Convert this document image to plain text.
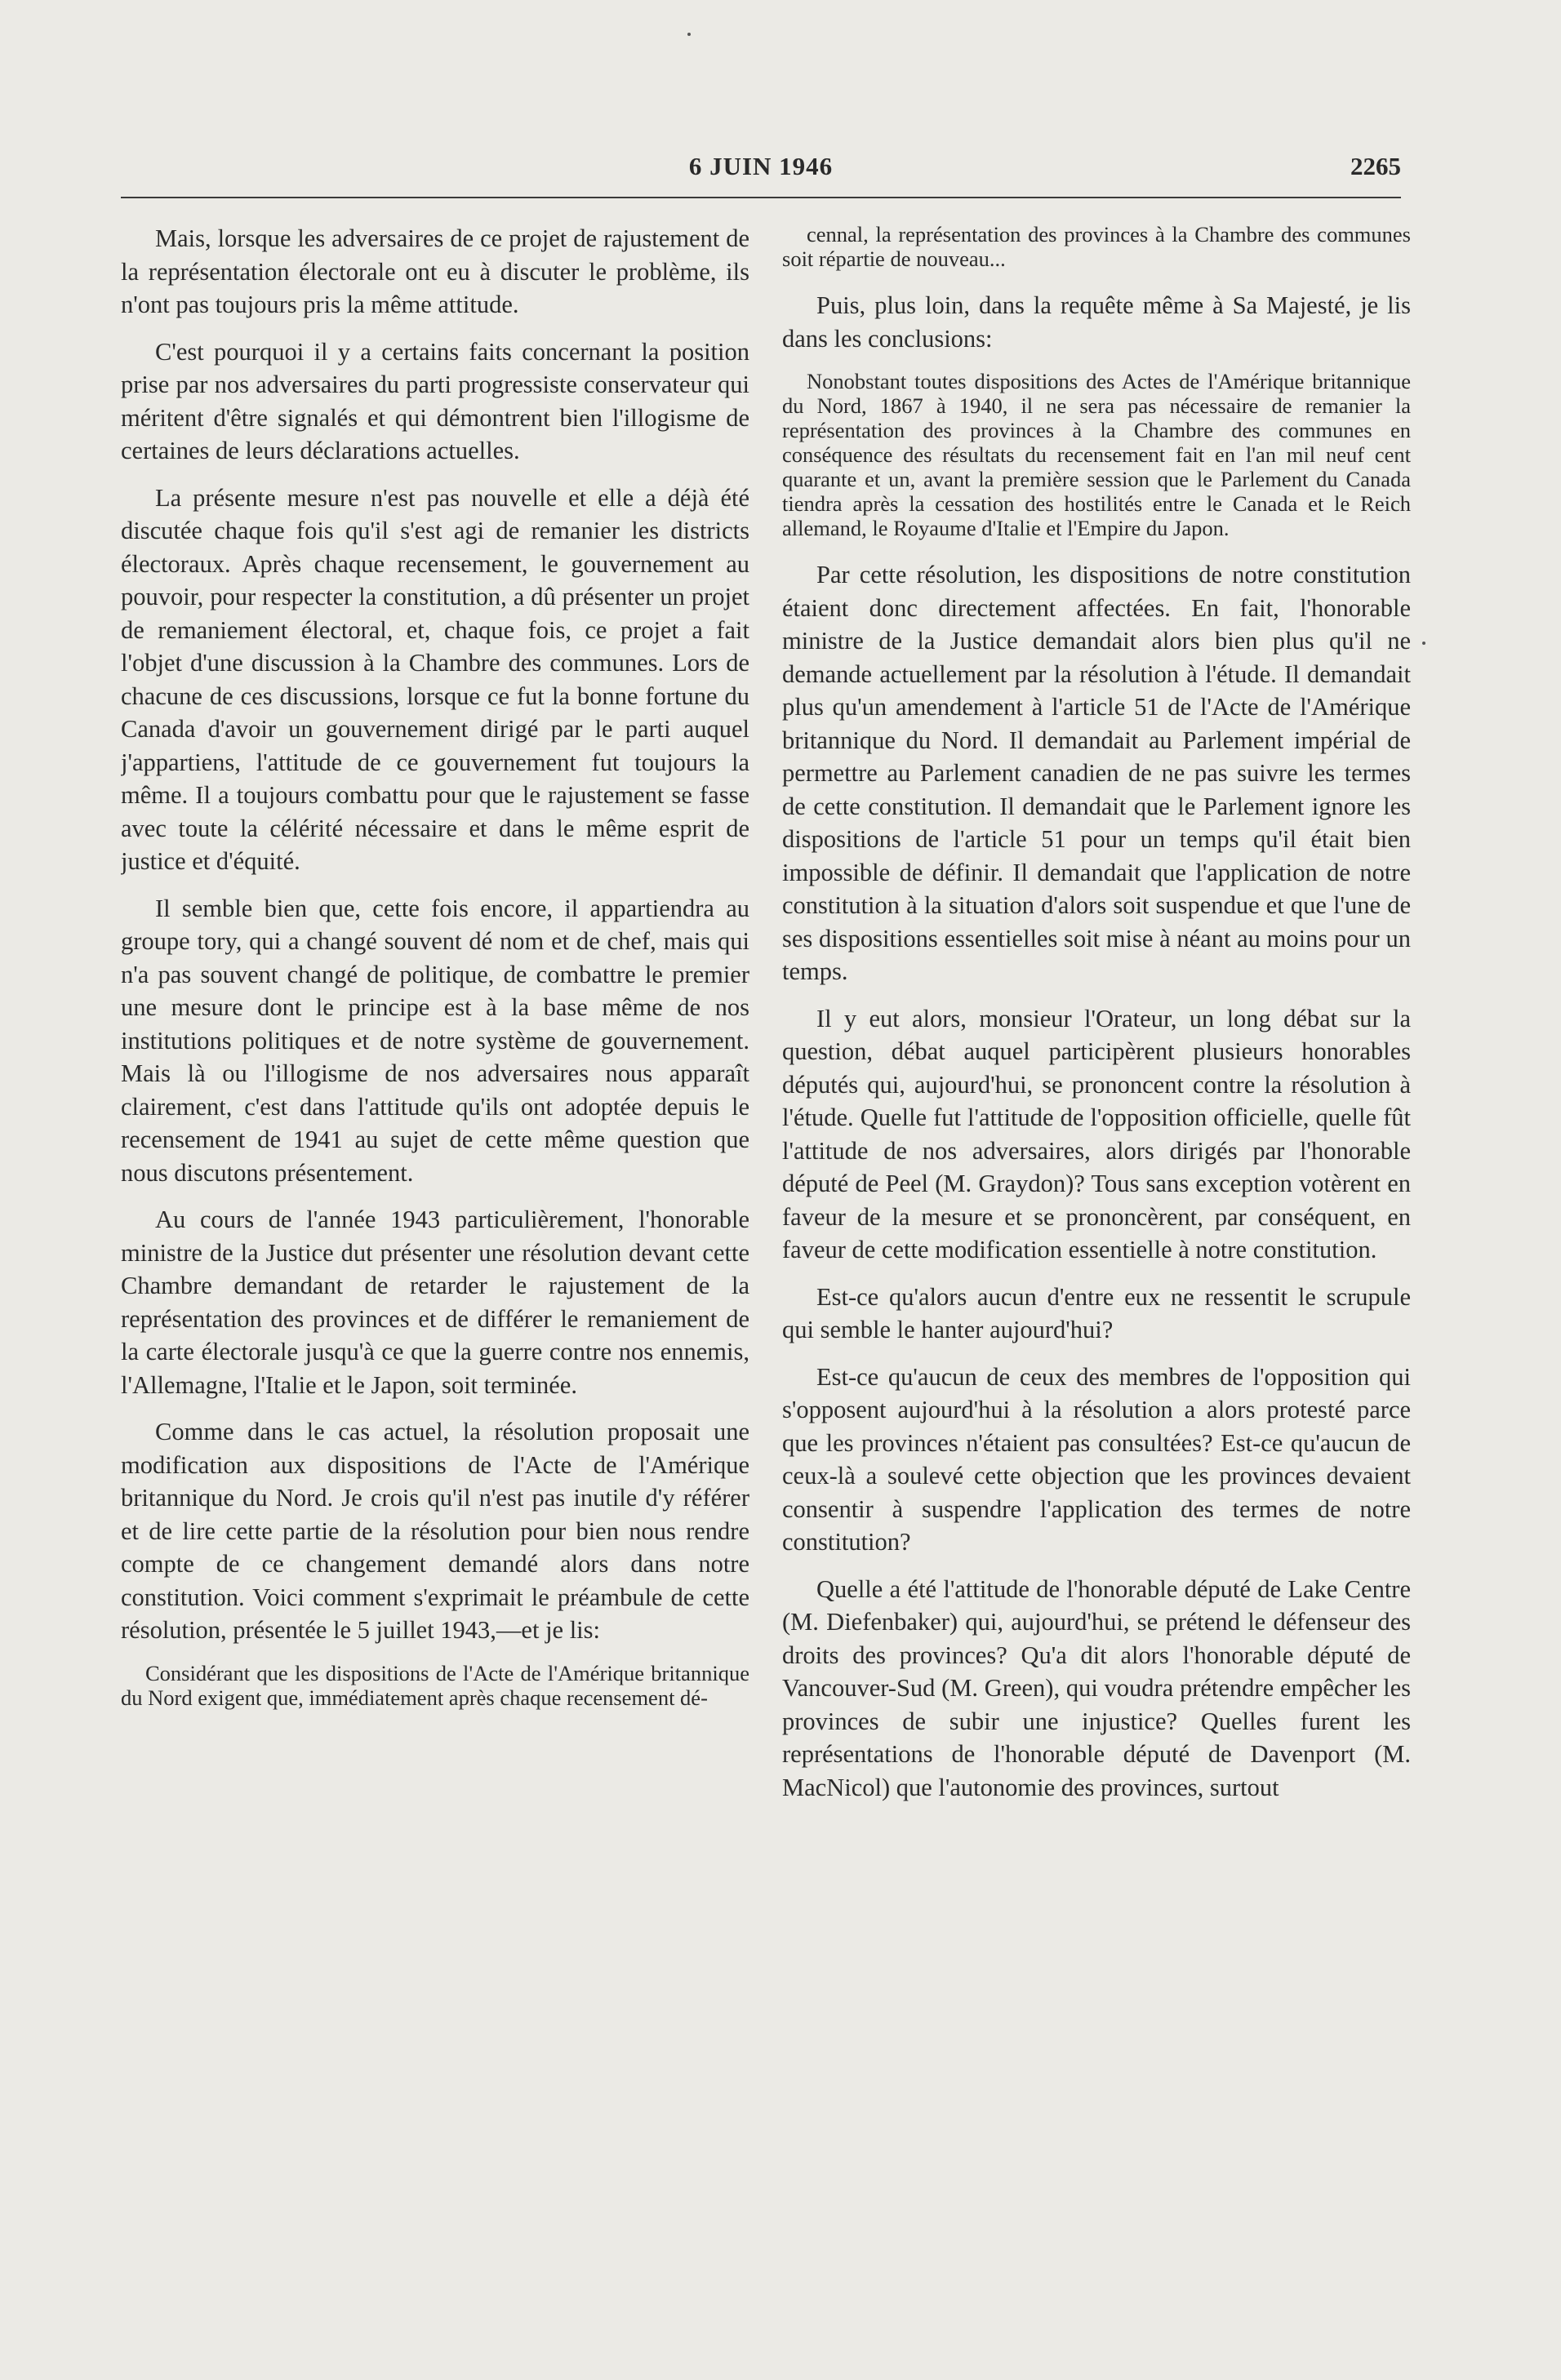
6 JUIN 1946	2265

Mais, lorsque les adversaires de ce projet de rajustement de la représentation électorale ont eu à discuter le problème, ils n'ont pas toujours pris la même attitude.

C'est pourquoi il y a certains faits concernant la position prise par nos adversaires du parti progressiste conservateur qui méritent d'être signalés et qui démontrent bien l'illogisme de certaines de leurs déclarations actuelles.

La présente mesure n'est pas nouvelle et elle a déjà été discutée chaque fois qu'il s'est agi de remanier les districts électoraux. Après chaque recensement, le gouvernement au pouvoir, pour respecter la constitution, a dû présenter un projet de remaniement électoral, et, chaque fois, ce projet a fait l'objet d'une discussion à la Chambre des communes. Lors de chacune de ces discussions, lorsque ce fut la bonne fortune du Canada d'avoir un gouvernement dirigé par le parti auquel j'appartiens, l'attitude de ce gouvernement fut toujours la même. Il a toujours combattu pour que le rajustement se fasse avec toute la célérité nécessaire et dans le même esprit de justice et d'équité.

Il semble bien que, cette fois encore, il appartiendra au groupe tory, qui a changé souvent dé nom et de chef, mais qui n'a pas souvent changé de politique, de combattre le premier une mesure dont le principe est à la base même de nos institutions politiques et de notre système de gouvernement. Mais là ou l'illogisme de nos adversaires nous apparaît clairement, c'est dans l'attitude qu'ils ont adoptée depuis le recensement de 1941 au sujet de cette même question que nous discutons présentement.

Au cours de l'année 1943 particulièrement, l'honorable ministre de la Justice dut présenter une résolution devant cette Chambre demandant de retarder le rajustement de la représentation des provinces et de différer le remaniement de la carte électorale jusqu'à ce que la guerre contre nos ennemis, l'Allemagne, l'Italie et le Japon, soit terminée.

Comme dans le cas actuel, la résolution proposait une modification aux dispositions de l'Acte de l'Amérique britannique du Nord. Je crois qu'il n'est pas inutile d'y référer et de lire cette partie de la résolution pour bien nous rendre compte de ce changement demandé alors dans notre constitution. Voici comment s'exprimait le préambule de cette résolution, présentée le 5 juillet 1943,—et je lis:

Considérant que les dispositions de l'Acte de l'Amérique britannique du Nord exigent que, immédiatement après chaque recensement dé-

cennal, la représentation des provinces à la Chambre des communes soit répartie de nouveau...

Puis, plus loin, dans la requête même à Sa Majesté, je lis dans les conclusions:

Nonobstant toutes dispositions des Actes de l'Amérique britannique du Nord, 1867 à 1940, il ne sera pas nécessaire de remanier la représentation des provinces à la Chambre des communes en conséquence des résultats du recensement fait en l'an mil neuf cent quarante et un, avant la première session que le Parlement du Canada tiendra après la cessation des hostilités entre le Canada et le Reich allemand, le Royaume d'Italie et l'Empire du Japon.

Par cette résolution, les dispositions de notre constitution étaient donc directement affectées. En fait, l'honorable ministre de la Justice demandait alors bien plus qu'il ne demande actuellement par la résolution à l'étude. Il demandait plus qu'un amendement à l'article 51 de l'Acte de l'Amérique britannique du Nord. Il demandait au Parlement impérial de permettre au Parlement canadien de ne pas suivre les termes de cette constitution. Il demandait que le Parlement ignore les dispositions de l'article 51 pour un temps qu'il était bien impossible de définir. Il demandait que l'application de notre constitution à la situation d'alors soit suspendue et que l'une de ses dispositions essentielles soit mise à néant au moins pour un temps.

Il y eut alors, monsieur l'Orateur, un long débat sur la question, débat auquel participèrent plusieurs honorables députés qui, aujourd'hui, se prononcent contre la résolution à l'étude. Quelle fut l'attitude de l'opposition officielle, quelle fût l'attitude de nos adversaires, alors dirigés par l'honorable député de Peel (M. Graydon)? Tous sans exception votèrent en faveur de la mesure et se prononcèrent, par conséquent, en faveur de cette modification essentielle à notre constitution.

Est-ce qu'alors aucun d'entre eux ne ressentit le scrupule qui semble le hanter aujourd'hui?

Est-ce qu'aucun de ceux des membres de l'opposition qui s'opposent aujourd'hui à la résolution a alors protesté parce que les provinces n'étaient pas consultées? Est-ce qu'aucun de ceux-là a soulevé cette objection que les provinces devaient consentir à suspendre l'application des termes de notre constitution?

Quelle a été l'attitude de l'honorable député de Lake Centre (M. Diefenbaker) qui, aujourd'hui, se prétend le défenseur des droits des provinces? Qu'a dit alors l'honorable député de Vancouver-Sud (M. Green), qui voudra prétendre empêcher les provinces de subir une injustice? Quelles furent les représentations de l'honorable député de Davenport (M. MacNicol) que l'autonomie des provinces, surtout
